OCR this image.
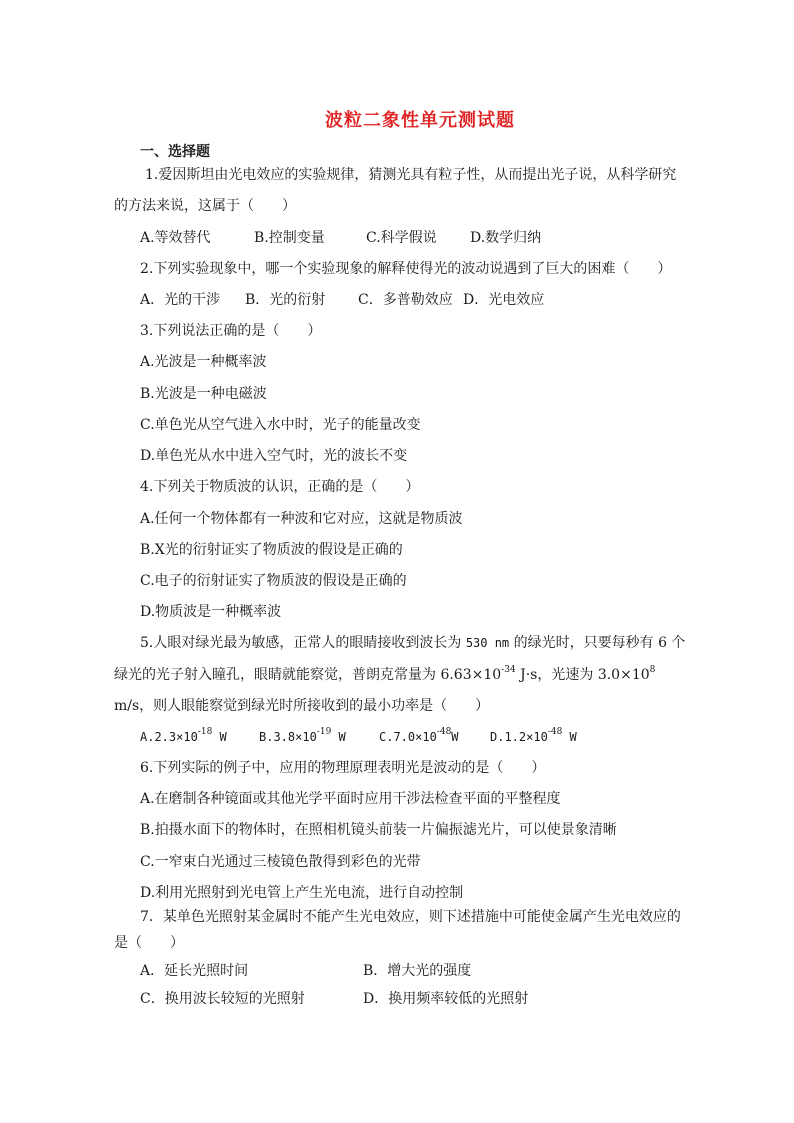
波粒二象性单元测试题
一、选择题
1.爱因斯坦由光电效应的实验规律，猜测光具有粒子性，从而提出光子说，从科学研究
的方法来说，这属于（　　）
A.等效替代	B.控制变量	C.科学假说 D.数学归纳
2.下列实验现象中，哪一个实验现象的解释使得光的波动说遇到了巨大的困难（　　）
A．光的干涉 B．光的衍射 C．多普勒效应 D．光电效应
3.下列说法正确的是（　　）
A.光波是一种概率波
B.光波是一种电磁波
C.单色光从空气进入水中时，光子的能量改变
D.单色光从水中进入空气时，光的波长不变
4.下列关于物质波的认识，正确的是（　　）
A.任何一个物体都有一种波和它对应，这就是物质波
B.X光的衍射证实了物质波的假设是正确的
C.电子的衍射证实了物质波的假设是正确的
D.物质波是一种概率波
5.人眼对绿光最为敏感，正常人的眼睛接收到波长为 530 nm 的绿光时，只要每秒有 6 个
绿光的光子射入瞳孔，眼睛就能察觉，普朗克常量为 $6.63\times 10^{-34}$ J·s，光速为 $3.0\times 10^8$
m/s，则人眼能察觉到绿光时所接收到的最小功率是（　　）
$A.2.3\times 10^{-18}$ W	$B.3.8\times 10^{-19}$ W	$C.7.0\times 10^{-48}W$	$D.1.2\times 10^{-48}$ W
6.下列实际的例子中，应用的物理原理表明光是波动的是（　　）
A.在磨制各种镜面或其他光学平面时应用干涉法检查平面的平整程度
B.拍摄水面下的物体时，在照相机镜头前装一片偏振滤光片，可以使景象清晰
C.一窄束白光通过三棱镜色散得到彩色的光带
D.利用光照射到光电管上产生光电流，进行自动控制
7．某单色光照射某金属时不能产生光电效应，则下述措施中可能使金属产生光电效应的
是（　　）
A．延长光照时间	B．增大光的强度
C．换用波长较短的光照射	D．换用频率较低的光照射
